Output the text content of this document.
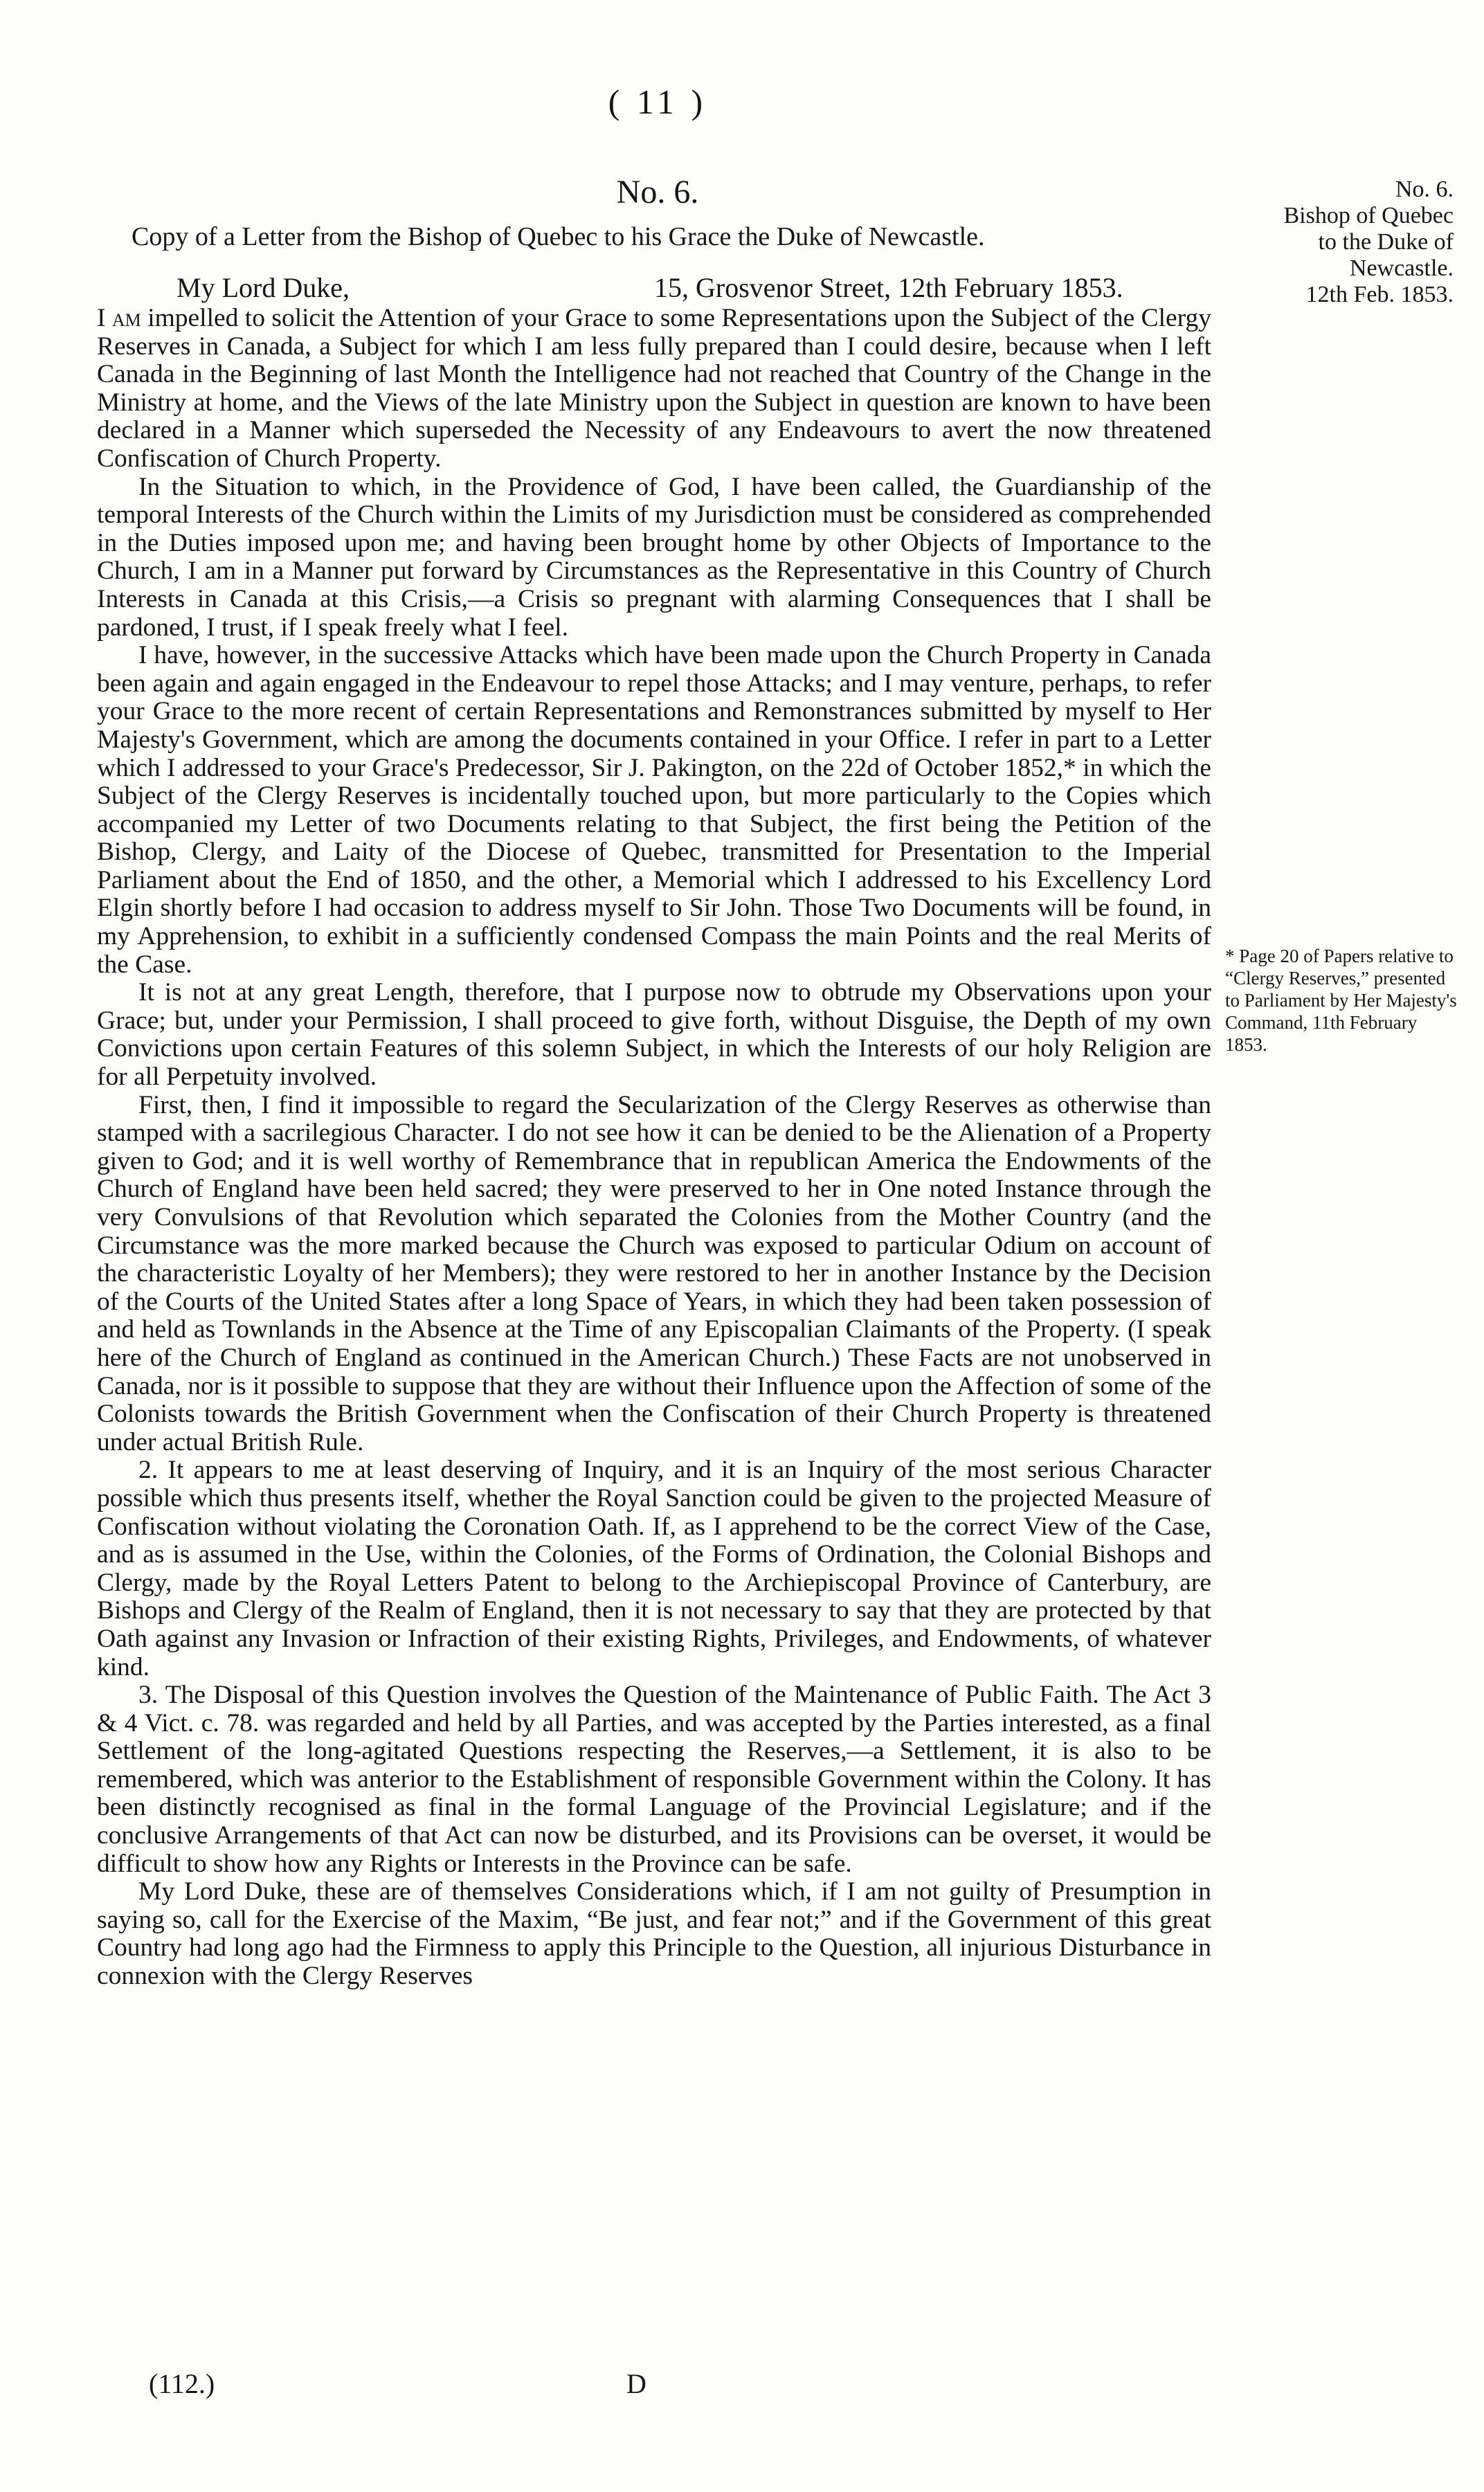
( 11 )
No. 6.
Copy of a Letter from the Bishop of Quebec to his Grace the Duke of Newcastle.
No. 6.
Bishop of Quebec
to the Duke of
Newcastle.
12th Feb. 1853.
My Lord Duke,	15, Grosvenor Street, 12th February 1853.

I am impelled to solicit the Attention of your Grace to some Representations upon the Subject of the Clergy Reserves in Canada, a Subject for which I am less fully prepared than I could desire, because when I left Canada in the Beginning of last Month the Intelligence had not reached that Country of the Change in the Ministry at home, and the Views of the late Ministry upon the Subject in question are known to have been declared in a Manner which superseded the Necessity of any Endeavours to avert the now threatened Confiscation of Church Property.

In the Situation to which, in the Providence of God, I have been called, the Guardianship of the temporal Interests of the Church within the Limits of my Jurisdiction must be considered as comprehended in the Duties imposed upon me; and having been brought home by other Objects of Importance to the Church, I am in a Manner put forward by Circumstances as the Representative in this Country of Church Interests in Canada at this Crisis,—a Crisis so pregnant with alarming Consequences that I shall be pardoned, I trust, if I speak freely what I feel.

I have, however, in the successive Attacks which have been made upon the Church Property in Canada been again and again engaged in the Endeavour to repel those Attacks; and I may venture, perhaps, to refer your Grace to the more recent of certain Representations and Remonstrances submitted by myself to Her Majesty's Government, which are among the documents contained in your Office. I refer in part to a Letter which I addressed to your Grace's Predecessor, Sir J. Pakington, on the 22d of October 1852,* in which the Subject of the Clergy Reserves is incidentally touched upon, but more particularly to the Copies which accompanied my Letter of two Documents relating to that Subject, the first being the Petition of the Bishop, Clergy, and Laity of the Diocese of Quebec, transmitted for Presentation to the Imperial Parliament about the End of 1850, and the other, a Memorial which I addressed to his Excellency Lord Elgin shortly before I had occasion to address myself to Sir John. Those Two Documents will be found, in my Apprehension, to exhibit in a sufficiently condensed Compass the main Points and the real Merits of the Case.

It is not at any great Length, therefore, that I purpose now to obtrude my Observations upon your Grace; but, under your Permission, I shall proceed to give forth, without Disguise, the Depth of my own Convictions upon certain Features of this solemn Subject, in which the Interests of our holy Religion are for all Perpetuity involved.

First, then, I find it impossible to regard the Secularization of the Clergy Reserves as otherwise than stamped with a sacrilegious Character. I do not see how it can be denied to be the Alienation of a Property given to God; and it is well worthy of Remembrance that in republican America the Endowments of the Church of England have been held sacred; they were preserved to her in One noted Instance through the very Convulsions of that Revolution which separated the Colonies from the Mother Country (and the Circumstance was the more marked because the Church was exposed to particular Odium on account of the characteristic Loyalty of her Members); they were restored to her in another Instance by the Decision of the Courts of the United States after a long Space of Years, in which they had been taken possession of and held as Townlands in the Absence at the Time of any Episcopalian Claimants of the Property. (I speak here of the Church of England as continued in the American Church.) These Facts are not unobserved in Canada, nor is it possible to suppose that they are without their Influence upon the Affection of some of the Colonists towards the British Government when the Confiscation of their Church Property is threatened under actual British Rule.

2. It appears to me at least deserving of Inquiry, and it is an Inquiry of the most serious Character possible which thus presents itself, whether the Royal Sanction could be given to the projected Measure of Confiscation without violating the Coronation Oath. If, as I apprehend to be the correct View of the Case, and as is assumed in the Use, within the Colonies, of the Forms of Ordination, the Colonial Bishops and Clergy, made by the Royal Letters Patent to belong to the Archiepiscopal Province of Canterbury, are Bishops and Clergy of the Realm of England, then it is not necessary to say that they are protected by that Oath against any Invasion or Infraction of their existing Rights, Privileges, and Endowments, of whatever kind.

3. The Disposal of this Question involves the Question of the Maintenance of Public Faith. The Act 3 & 4 Vict. c. 78. was regarded and held by all Parties, and was accepted by the Parties interested, as a final Settlement of the long-agitated Questions respecting the Reserves,—a Settlement, it is also to be remembered, which was anterior to the Establishment of responsible Government within the Colony. It has been distinctly recognised as final in the formal Language of the Provincial Legislature; and if the conclusive Arrangements of that Act can now be disturbed, and its Provisions can be overset, it would be difficult to show how any Rights or Interests in the Province can be safe.

My Lord Duke, these are of themselves Considerations which, if I am not guilty of Presumption in saying so, call for the Exercise of the Maxim, “Be just, and fear not;” and if the Government of this great Country had long ago had the Firmness to apply this Principle to the Question, all injurious Disturbance in connexion with the Clergy Reserves

* Page 20 of Papers relative to “Clergy Reserves,” presented to Parliament by Her Majesty's Command, 11th February 1853.
(112.)	D
